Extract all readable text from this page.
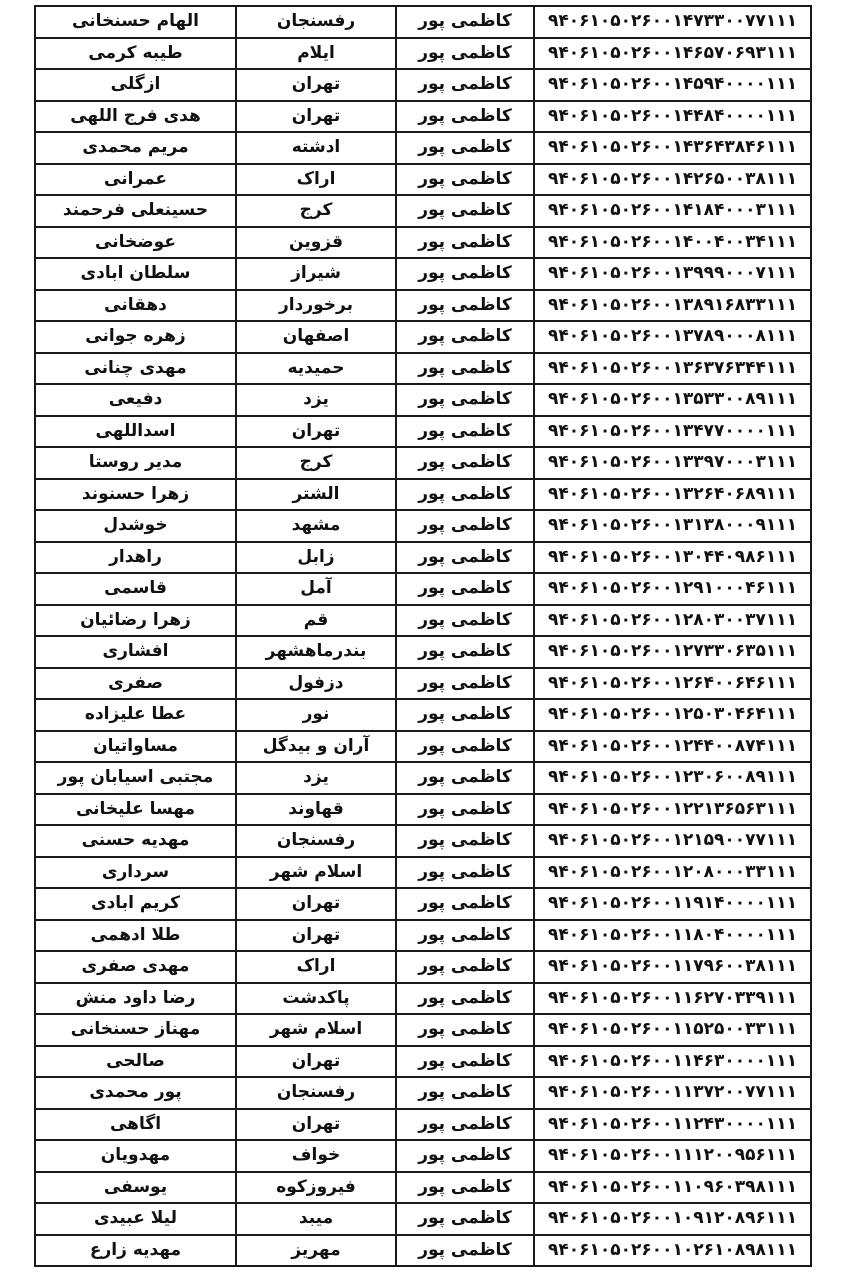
۹۴۰۶۱۰۵۰۲۶۰۰۱۴۷۳۳۰۰۷۷۱۱۱	کاظمی پور	رفسنجان	الهام حسنخانی
۹۴۰۶۱۰۵۰۲۶۰۰۱۴۶۵۷۰۶۹۳۱۱۱	کاظمی پور	ایلام	طیبه کرمی
۹۴۰۶۱۰۵۰۲۶۰۰۱۴۵۹۴۰۰۰۰۱۱۱	کاظمی پور	تهران	ازگلی
۹۴۰۶۱۰۵۰۲۶۰۰۱۴۴۸۴۰۰۰۰۱۱۱	کاظمی پور	تهران	هدی فرج اللهی
۹۴۰۶۱۰۵۰۲۶۰۰۱۴۳۶۴۳۸۴۶۱۱۱	کاظمی پور	ادشته	مریم محمدی
۹۴۰۶۱۰۵۰۲۶۰۰۱۴۲۶۵۰۰۳۸۱۱۱	کاظمی پور	اراک	عمرانی
۹۴۰۶۱۰۵۰۲۶۰۰۱۴۱۸۴۰۰۰۳۱۱۱	کاظمی پور	کرج	حسینعلی فرحمند
۹۴۰۶۱۰۵۰۲۶۰۰۱۴۰۰۴۰۰۳۴۱۱۱	کاظمی پور	قزوین	عوضخانی
۹۴۰۶۱۰۵۰۲۶۰۰۱۳۹۹۹۰۰۰۷۱۱۱	کاظمی پور	شیراز	سلطان ابادی
۹۴۰۶۱۰۵۰۲۶۰۰۱۳۸۹۱۶۸۳۳۱۱۱	کاظمی پور	برخوردار	دهقانی
۹۴۰۶۱۰۵۰۲۶۰۰۱۳۷۸۹۰۰۰۸۱۱۱	کاظمی پور	اصفهان	زهره جوانی
۹۴۰۶۱۰۵۰۲۶۰۰۱۳۶۳۷۶۳۴۴۱۱۱	کاظمی پور	حمیدیه	مهدی چنانی
۹۴۰۶۱۰۵۰۲۶۰۰۱۳۵۳۳۰۰۸۹۱۱۱	کاظمی پور	یزد	دفیعی
۹۴۰۶۱۰۵۰۲۶۰۰۱۳۴۷۷۰۰۰۰۱۱۱	کاظمی پور	تهران	اسداللهی
۹۴۰۶۱۰۵۰۲۶۰۰۱۳۳۹۷۰۰۰۳۱۱۱	کاظمی پور	کرج	مدیر روستا
۹۴۰۶۱۰۵۰۲۶۰۰۱۳۲۶۴۰۶۸۹۱۱۱	کاظمی پور	الشتر	زهرا حسنوند
۹۴۰۶۱۰۵۰۲۶۰۰۱۳۱۳۸۰۰۰۹۱۱۱	کاظمی پور	مشهد	خوشدل
۹۴۰۶۱۰۵۰۲۶۰۰۱۳۰۴۴۰۹۸۶۱۱۱	کاظمی پور	زابل	راهدار
۹۴۰۶۱۰۵۰۲۶۰۰۱۲۹۱۰۰۰۴۶۱۱۱	کاظمی پور	آمل	قاسمی
۹۴۰۶۱۰۵۰۲۶۰۰۱۲۸۰۳۰۰۳۷۱۱۱	کاظمی پور	قم	زهرا رضائیان
۹۴۰۶۱۰۵۰۲۶۰۰۱۲۷۳۳۰۶۳۵۱۱۱	کاظمی پور	بندرماهشهر	افشاری
۹۴۰۶۱۰۵۰۲۶۰۰۱۲۶۴۰۰۶۴۶۱۱۱	کاظمی پور	دزفول	صفری
۹۴۰۶۱۰۵۰۲۶۰۰۱۲۵۰۳۰۴۶۴۱۱۱	کاظمی پور	نور	عطا علیزاده
۹۴۰۶۱۰۵۰۲۶۰۰۱۲۴۴۰۰۸۷۴۱۱۱	کاظمی پور	آران و بیدگل	مساواتیان
۹۴۰۶۱۰۵۰۲۶۰۰۱۲۳۰۶۰۰۸۹۱۱۱	کاظمی پور	یزد	مجتبی اسیابان پور
۹۴۰۶۱۰۵۰۲۶۰۰۱۲۲۱۳۶۵۶۳۱۱۱	کاظمی پور	قهاوند	مهسا علیخانی
۹۴۰۶۱۰۵۰۲۶۰۰۱۲۱۵۹۰۰۷۷۱۱۱	کاظمی پور	رفسنجان	مهدیه حسنی
۹۴۰۶۱۰۵۰۲۶۰۰۱۲۰۸۰۰۰۳۳۱۱۱	کاظمی پور	اسلام شهر	سرداری
۹۴۰۶۱۰۵۰۲۶۰۰۱۱۹۱۴۰۰۰۰۱۱۱	کاظمی پور	تهران	کریم ابادی
۹۴۰۶۱۰۵۰۲۶۰۰۱۱۸۰۴۰۰۰۰۱۱۱	کاظمی پور	تهران	طلا ادهمی
۹۴۰۶۱۰۵۰۲۶۰۰۱۱۷۹۶۰۰۳۸۱۱۱	کاظمی پور	اراک	مهدی صفری
۹۴۰۶۱۰۵۰۲۶۰۰۱۱۶۲۷۰۳۳۹۱۱۱	کاظمی پور	پاکدشت	رضا داود منش
۹۴۰۶۱۰۵۰۲۶۰۰۱۱۵۲۵۰۰۳۳۱۱۱	کاظمی پور	اسلام شهر	مهناز حسنخانی
۹۴۰۶۱۰۵۰۲۶۰۰۱۱۴۶۳۰۰۰۰۱۱۱	کاظمی پور	تهران	صالحی
۹۴۰۶۱۰۵۰۲۶۰۰۱۱۳۷۲۰۰۷۷۱۱۱	کاظمی پور	رفسنجان	پور محمدی
۹۴۰۶۱۰۵۰۲۶۰۰۱۱۲۴۳۰۰۰۰۱۱۱	کاظمی پور	تهران	اگاهی
۹۴۰۶۱۰۵۰۲۶۰۰۱۱۱۲۰۰۹۵۶۱۱۱	کاظمی پور	خواف	مهدویان
۹۴۰۶۱۰۵۰۲۶۰۰۱۱۰۹۶۰۳۹۸۱۱۱	کاظمی پور	فیروزکوه	یوسفی
۹۴۰۶۱۰۵۰۲۶۰۰۱۰۹۱۲۰۸۹۶۱۱۱	کاظمی پور	میبد	لیلا عبیدی
۹۴۰۶۱۰۵۰۲۶۰۰۱۰۲۶۱۰۸۹۸۱۱۱	کاظمی پور	مهریز	مهدیه زارع
